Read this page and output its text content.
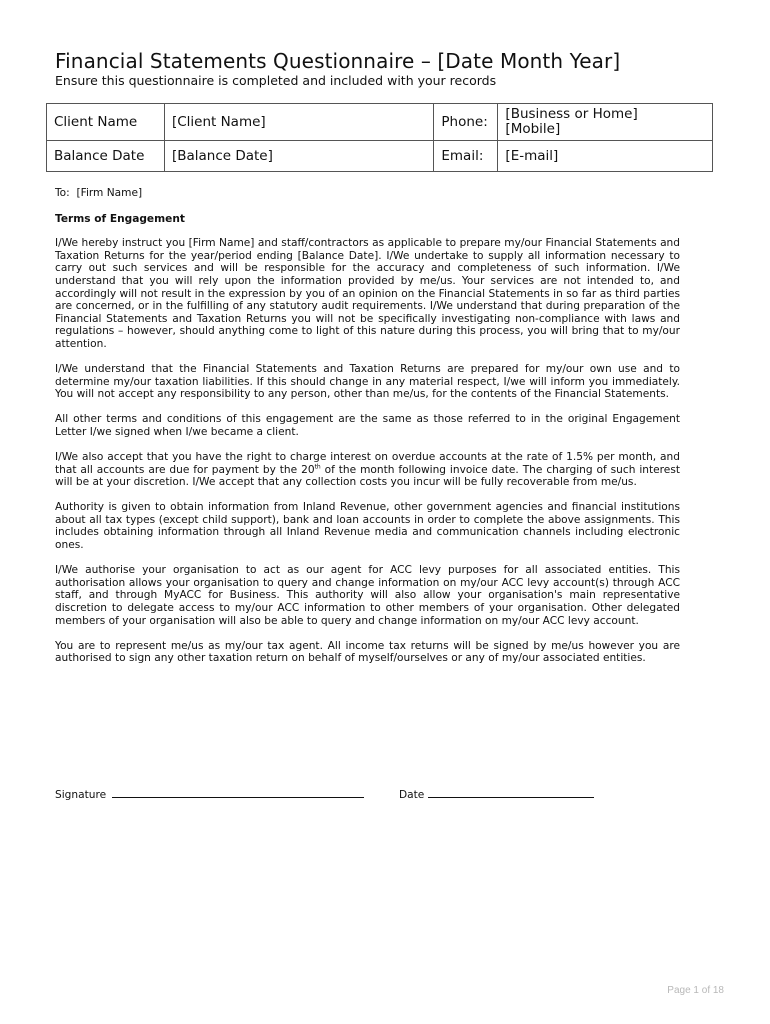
Financial Statements Questionnaire – [Date Month Year]
Ensure this questionnaire is completed and included with your records
Client Name	[Client Name]	Phone:	[Business or Home]
[Mobile]

Balance Date	[Balance Date]	Email:	[E-mail]

To: [Firm Name]

Terms of Engagement

I/We hereby instruct you [Firm Name] and staff/contractors as applicable to prepare my/our Financial Statements and Taxation Returns for the year/period ending [Balance Date]. I/We undertake to supply all information necessary to carry out such services and will be responsible for the accuracy and completeness of such information. I/We understand that you will rely upon the information provided by me/us. Your services are not intended to, and accordingly will not result in the expression by you of an opinion on the Financial Statements in so far as third parties are concerned, or in the fulfilling of any statutory audit requirements. I/We understand that during preparation of the Financial Statements and Taxation Returns you will not be specifically investigating non-compliance with laws and regulations – however, should anything come to light of this nature during this process, you will bring that to my/our attention.

I/We understand that the Financial Statements and Taxation Returns are prepared for my/our own use and to determine my/our taxation liabilities. If this should change in any material respect, I/we will inform you immediately. You will not accept any responsibility to any person, other than me/us, for the contents of the Financial Statements.

All other terms and conditions of this engagement are the same as those referred to in the original Engagement Letter I/we signed when I/we became a client.

I/We also accept that you have the right to charge interest on overdue accounts at the rate of 1.5% per month, and that all accounts are due for payment by the 20th of the month following invoice date. The charging of such interest will be at your discretion. I/We accept that any collection costs you incur will be fully recoverable from me/us.

Authority is given to obtain information from Inland Revenue, other government agencies and financial institutions about all tax types (except child support), bank and loan accounts in order to complete the above assignments. This includes obtaining information through all Inland Revenue media and communication channels including electronic ones.

I/We authorise your organisation to act as our agent for ACC levy purposes for all associated entities. This authorisation allows your organisation to query and change information on my/our ACC levy account(s) through ACC staff, and through MyACC for Business. This authority will also allow your organisation's main representative discretion to delegate access to my/our ACC information to other members of your organisation. Other delegated members of your organisation will also be able to query and change information on my/our ACC levy account.

You are to represent me/us as my/our tax agent. All income tax returns will be signed by me/us however you are authorised to sign any other taxation return on behalf of myself/ourselves or any of my/our associated entities.

Signature	Date
Page 1 of 18
